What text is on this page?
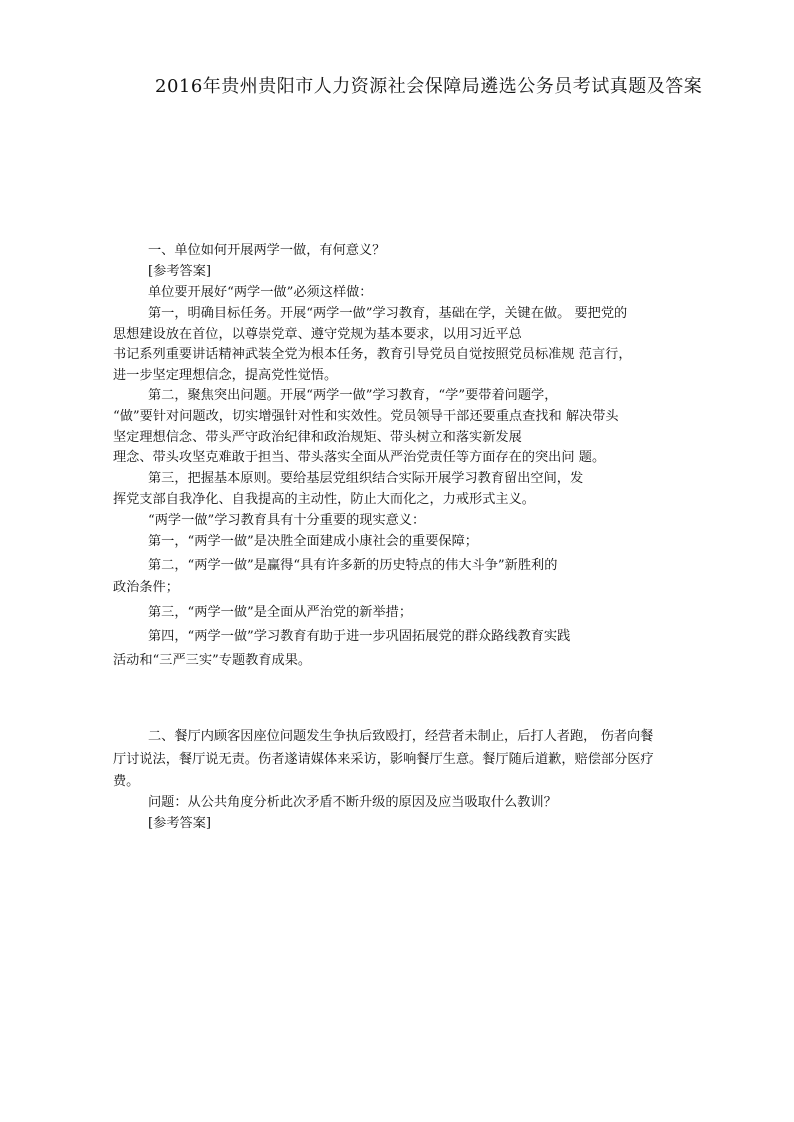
2016年贵州贵阳市人力资源社会保障局遴选公务员考试真题及答案
一、单位如何开展两学一做，有何意义？
[参考答案]
单位要开展好“两学一做”必须这样做：
第一，明确目标任务。开展“两学一做”学习教育，基础在学，关键在做。 要把党的
思想建设放在首位，以尊崇党章、遵守党规为基本要求，以用习近平总
书记系列重要讲话精神武装全党为根本任务，教育引导党员自觉按照党员标准规 范言行，
进一步坚定理想信念，提高党性觉悟。
第二，聚焦突出问题。开展“两学一做”学习教育，“学”要带着问题学，
“做”要针对问题改，切实增强针对性和实效性。党员领导干部还要重点查找和 解决带头
坚定理想信念、带头严守政治纪律和政治规矩、带头树立和落实新发展
理念、带头攻坚克难敢于担当、带头落实全面从严治党责任等方面存在的突出问 题。
第三，把握基本原则。要给基层党组织结合实际开展学习教育留出空间，发
挥党支部自我净化、自我提高的主动性，防止大而化之，力戒形式主义。
“两学一做”学习教育具有十分重要的现实意义：
第一，“两学一做”是决胜全面建成小康社会的重要保障；
第二，“两学一做”是赢得“具有许多新的历史特点的伟大斗争”新胜利的
政治条件；
第三，“两学一做”是全面从严治党的新举措；
第四，“两学一做”学习教育有助于进一步巩固拓展党的群众路线教育实践
活动和“三严三实”专题教育成果。
二、餐厅内顾客因座位问题发生争执后致殴打，经营者未制止，后打人者跑， 伤者向餐
厅讨说法，餐厅说无责。伤者遂请媒体来采访，影响餐厅生意。餐厅随后道歉，赔偿部分医疗
费。
问题：从公共角度分析此次矛盾不断升级的原因及应当吸取什么教训？
[参考答案]
